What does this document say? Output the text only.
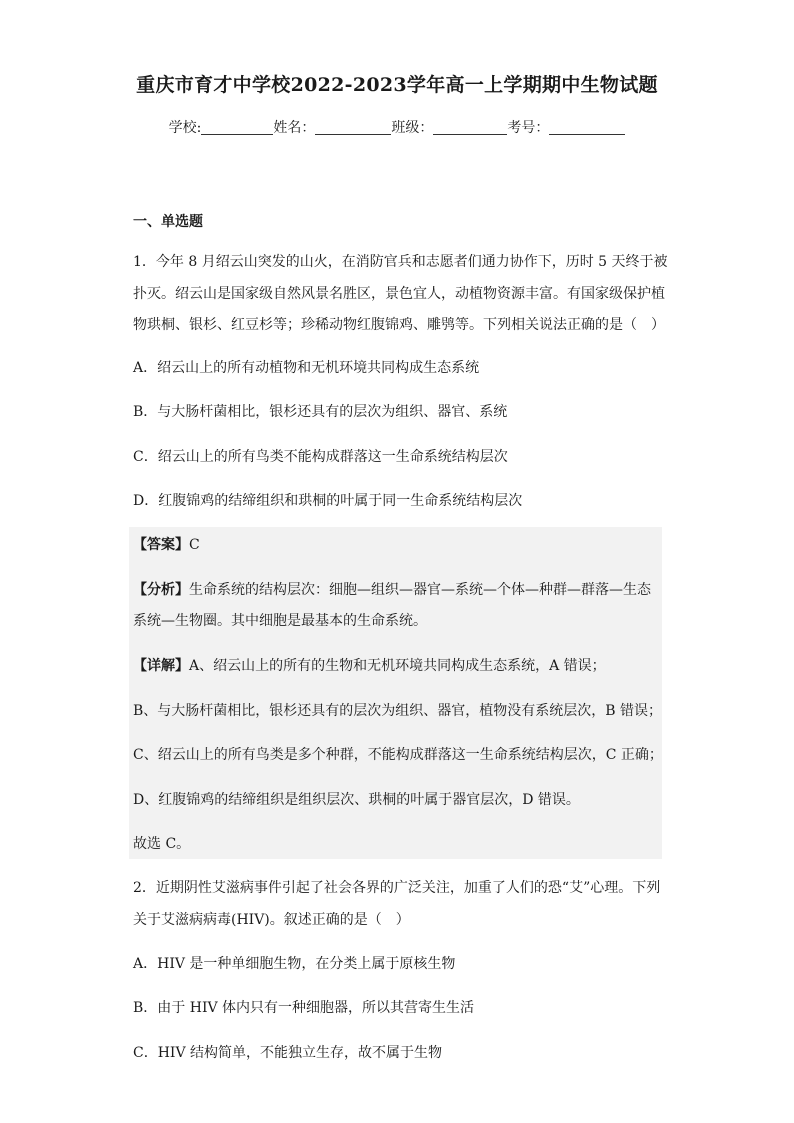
重庆市育才中学校2022-2023学年高一上学期期中生物试题
学校:	姓名：	班级：	考号：
一、单选题
1．今年 8 月绍云山突发的山火，在消防官兵和志愿者们通力协作下，历时 5 天终于被
扑灭。绍云山是国家级自然风景名胜区，景色宜人，动植物资源丰富。有国家级保护植
物珙桐、银杉、红豆杉等；珍稀动物红腹锦鸡、雕鸮等。下列相关说法正确的是（　）
A．绍云山上的所有动植物和无机环境共同构成生态系统
B．与大肠杆菌相比，银杉还具有的层次为组织、器官、系统
C．绍云山上的所有鸟类不能构成群落这一生命系统结构层次
D．红腹锦鸡的结缔组织和珙桐的叶属于同一生命系统结构层次
【答案】C
【分析】生命系统的结构层次：细胞—组织—器官—系统—个体—种群—群落—生态
系统—生物圈。其中细胞是最基本的生命系统。
【详解】A、绍云山上的所有的生物和无机环境共同构成生态系统，A 错误；
B、与大肠杆菌相比，银杉还具有的层次为组织、器官，植物没有系统层次，B 错误；
C、绍云山上的所有鸟类是多个种群，不能构成群落这一生命系统结构层次，C 正确；
D、红腹锦鸡的结缔组织是组织层次、珙桐的叶属于器官层次，D 错误。
故选 C。
2．近期阴性艾滋病事件引起了社会各界的广泛关注，加重了人们的恐“艾”心理。下列
关于艾滋病病毒(HIV)。叙述正确的是（　）
A．HIV 是一种单细胞生物，在分类上属于原核生物
B．由于 HIV 体内只有一种细胞器，所以其营寄生生活
C．HIV 结构简单，不能独立生存，故不属于生物
